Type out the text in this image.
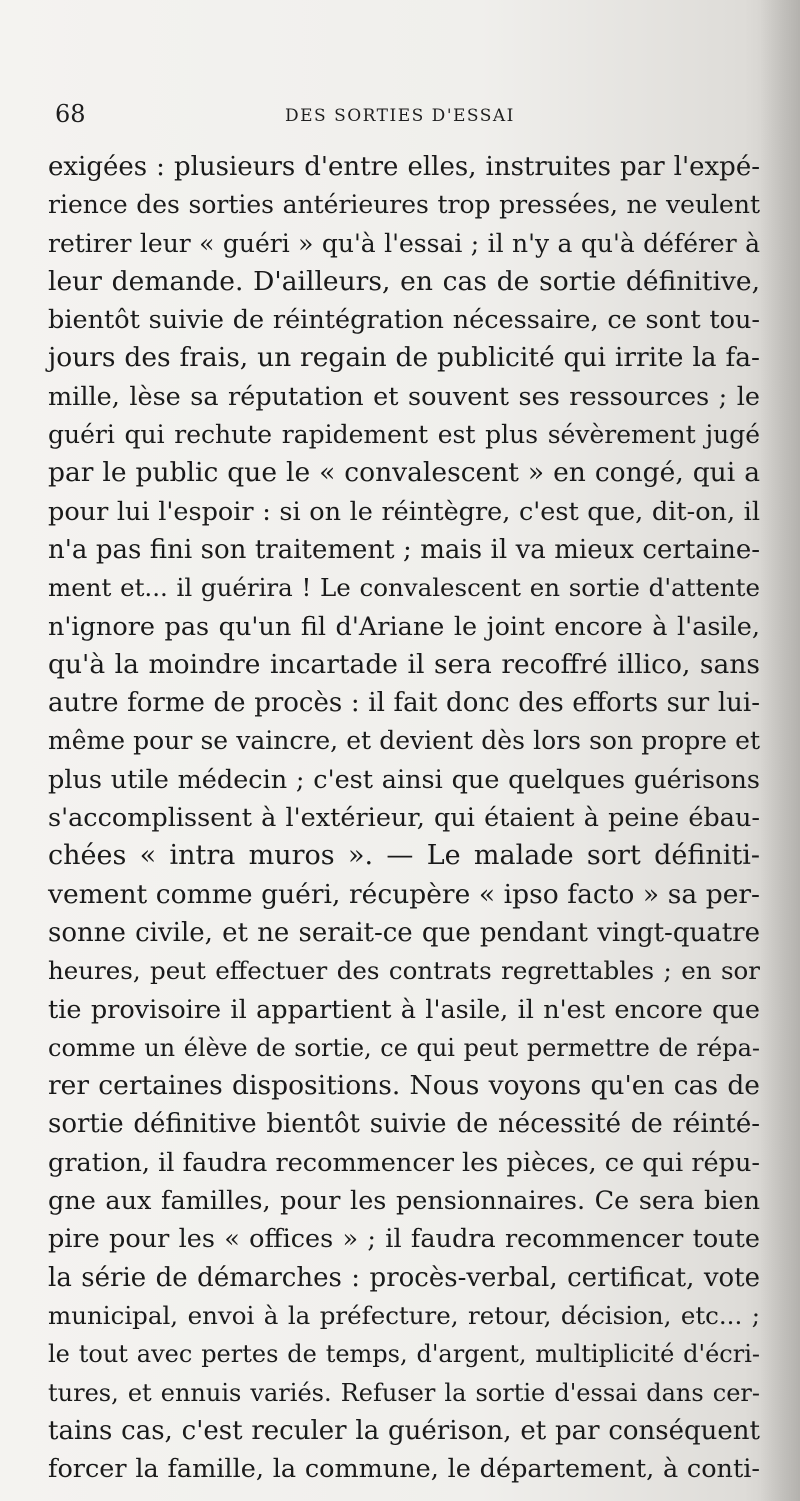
68	DES SORTIES D'ESSAI
exigées : plusieurs d'entre elles, instruites par l'expé-
rience des sorties antérieures trop pressées, ne veulent
retirer leur « guéri » qu'à l'essai ; il n'y a qu'à déférer à
leur demande. D'ailleurs, en cas de sortie définitive,
bientôt suivie de réintégration nécessaire, ce sont tou-
jours des frais, un regain de publicité qui irrite la fa-
mille, lèse sa réputation et souvent ses ressources ; le
guéri qui rechute rapidement est plus sévèrement jugé
par le public que le « convalescent » en congé, qui a
pour lui l'espoir : si on le réintègre, c'est que, dit-on, il
n'a pas fini son traitement ; mais il va mieux certaine-
ment et... il guérira ! Le convalescent en sortie d'attente
n'ignore pas qu'un fil d'Ariane le joint encore à l'asile,
qu'à la moindre incartade il sera recoffré illico, sans
autre forme de procès : il fait donc des efforts sur lui-
même pour se vaincre, et devient dès lors son propre et
plus utile médecin ; c'est ainsi que quelques guérisons
s'accomplissent à l'extérieur, qui étaient à peine ébau-
chées « intra muros ». — Le malade sort définiti-
vement comme guéri, récupère « ipso facto » sa per-
sonne civile, et ne serait-ce que pendant vingt-quatre
heures, peut effectuer des contrats regrettables ; en sor
tie provisoire il appartient à l'asile, il n'est encore que
comme un élève de sortie, ce qui peut permettre de répa-
rer certaines dispositions. Nous voyons qu'en cas de
sortie définitive bientôt suivie de nécessité de réinté-
gration, il faudra recommencer les pièces, ce qui répu-
gne aux familles, pour les pensionnaires. Ce sera bien
pire pour les « offices » ; il faudra recommencer toute
la série de démarches : procès-verbal, certificat, vote
municipal, envoi à la préfecture, retour, décision, etc... ;
le tout avec pertes de temps, d'argent, multiplicité d'écri-
tures, et ennuis variés. Refuser la sortie d'essai dans cer-
tains cas, c'est reculer la guérison, et par conséquent
forcer la famille, la commune, le département, à conti-
